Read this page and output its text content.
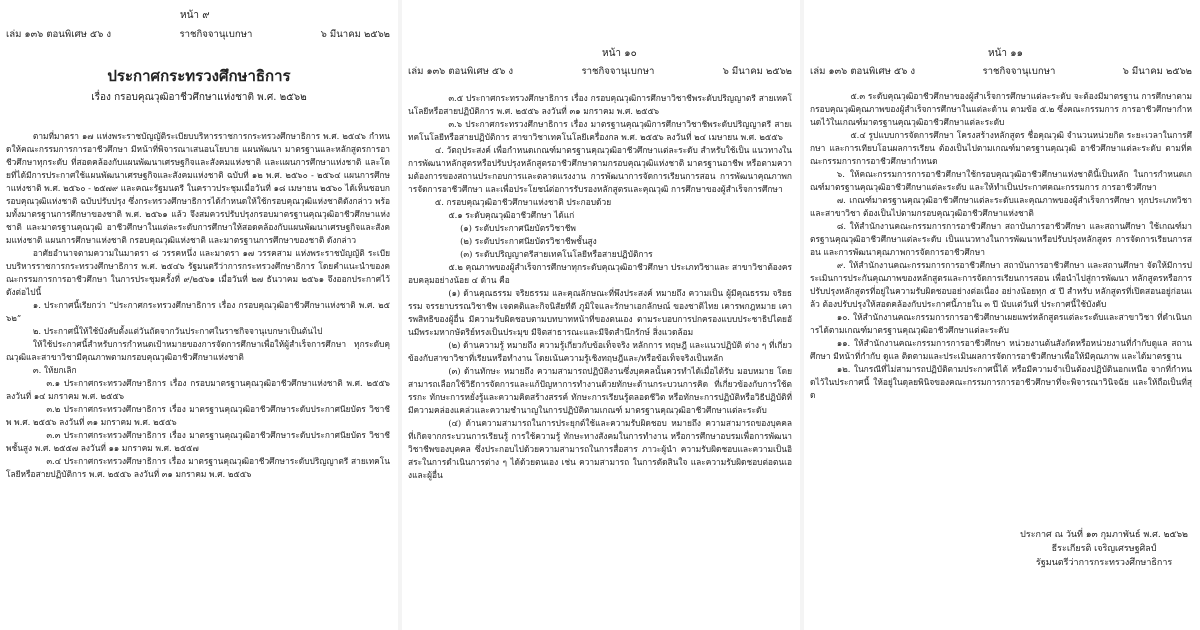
หน้า ๙
เล่ม ๑๓๖ ตอนพิเศษ ๕๖ ง	ราชกิจจานุเบกษา	๖ มีนาคม ๒๕๖๒
ประกาศกระทรวงศึกษาธิการ
เรื่อง กรอบคุณวุฒิอาชีวศึกษาแห่งชาติ พ.ศ. ๒๕๖๒

ตามที่มาตรา ๑๗ แห่งพระราชบัญญัติระเบียบบริหารราชการกระทรวงศึกษาธิการ พ.ศ. ๒๕๔๖ กำหนดให้คณะกรรมการการอาชีวศึกษา มีหน้าที่พิจารณาเสนอนโยบาย แผนพัฒนา มาตรฐานและหลักสูตรการอาชีวศึกษาทุกระดับ ที่สอดคล้องกับแผนพัฒนาเศรษฐกิจและสังคมแห่งชาติ และแผนการศึกษาแห่งชาติ และโดยที่ได้มีการประกาศใช้แผนพัฒนาเศรษฐกิจและสังคมแห่งชาติ ฉบับที่ ๑๒ พ.ศ. ๒๕๖๐ - ๒๕๖๔ แผนการศึกษาแห่งชาติ พ.ศ. ๒๕๖๐ - ๒๕๗๙ และคณะรัฐมนตรี ในคราวประชุมเมื่อวันที่ ๑๘ เมษายน ๒๕๖๐ ได้เห็นชอบกรอบคุณวุฒิแห่งชาติ ฉบับปรับปรุง ซึ่งกระทรวงศึกษาธิการได้กำหนดให้ใช้กรอบคุณวุฒิแห่งชาติดังกล่าว พร้อมทั้งมาตรฐานการศึกษาของชาติ พ.ศ. ๒๕๖๑ แล้ว จึงสมควรปรับปรุงกรอบมาตรฐานคุณวุฒิอาชีวศึกษาแห่งชาติ และมาตรฐานคุณวุฒิ อาชีวศึกษาในแต่ละระดับการศึกษาให้สอดคล้องกับแผนพัฒนาเศรษฐกิจและสังคมแห่งชาติ แผนการศึกษาแห่งชาติ กรอบคุณวุฒิแห่งชาติ และมาตรฐานการศึกษาของชาติ ดังกล่าว

อาศัยอำนาจตามความในมาตรา ๘ วรรคหนึ่ง และมาตรา ๑๗ วรรคสาม แห่งพระราชบัญญัติ ระเบียบบริหารราชการกระทรวงศึกษาธิการ พ.ศ. ๒๕๔๖ รัฐมนตรีว่าการกระทรวงศึกษาธิการ โดยคำแนะนำของคณะกรรมการการอาชีวศึกษา ในการประชุมครั้งที่ ๙/๒๕๖๑ เมื่อวันที่ ๒๗ ธันวาคม ๒๕๖๑ จึงออกประกาศไว้ ดังต่อไปนี้

๑. ประกาศนี้เรียกว่า “ประกาศกระทรวงศึกษาธิการ เรื่อง กรอบคุณวุฒิอาชีวศึกษาแห่งชาติ พ.ศ. ๒๕๖๒”

๒. ประกาศนี้ให้ใช้บังคับตั้งแต่วันถัดจากวันประกาศในราชกิจจานุเบกษาเป็นต้นไป

ให้ใช้ประกาศนี้สำหรับการกำหนดเป้าหมายของการจัดการศึกษาเพื่อให้ผู้สำเร็จการศึกษา ทุกระดับคุณวุฒิและสาขาวิชามีคุณภาพตามกรอบคุณวุฒิอาชีวศึกษาแห่งชาติ

๓. ให้ยกเลิก

๓.๑ ประกาศกระทรวงศึกษาธิการ เรื่อง กรอบมาตรฐานคุณวุฒิอาชีวศึกษาแห่งชาติ พ.ศ. ๒๕๕๖ ลงวันที่ ๑๔ มกราคม พ.ศ. ๒๕๕๖

๓.๒ ประกาศกระทรวงศึกษาธิการ เรื่อง มาตรฐานคุณวุฒิอาชีวศึกษาระดับประกาศนียบัตร วิชาชีพ พ.ศ. ๒๕๕๖ ลงวันที่ ๓๑ มกราคม พ.ศ. ๒๕๕๖

๓.๓ ประกาศกระทรวงศึกษาธิการ เรื่อง มาตรฐานคุณวุฒิอาชีวศึกษาระดับประกาศนียบัตร วิชาชีพชั้นสูง พ.ศ. ๒๕๕๗ ลงวันที่ ๑๑ มกราคม พ.ศ. ๒๕๕๗

๓.๔ ประกาศกระทรวงศึกษาธิการ เรื่อง มาตรฐานคุณวุฒิอาชีวศึกษาระดับปริญญาตรี สายเทคโนโลยีหรือสายปฏิบัติการ พ.ศ. ๒๕๕๖ ลงวันที่ ๓๑ มกราคม พ.ศ. ๒๕๕๖

หน้า ๑๐
เล่ม ๑๓๖ ตอนพิเศษ ๕๖ ง	ราชกิจจานุเบกษา	๖ มีนาคม ๒๕๖๒

๓.๕ ประกาศกระทรวงศึกษาธิการ เรื่อง กรอบคุณวุฒิการศึกษาวิชาชีพระดับปริญญาตรี สายเทคโนโลยีหรือสายปฏิบัติการ พ.ศ. ๒๕๕๖ ลงวันที่ ๓๑ มกราคม พ.ศ. ๒๕๕๖

๓.๖ ประกาศกระทรวงศึกษาธิการ เรื่อง มาตรฐานคุณวุฒิการศึกษาวิชาชีพระดับปริญญาตรี สายเทคโนโลยีหรือสายปฏิบัติการ สาขาวิชาเทคโนโลยีเครื่องกล พ.ศ. ๒๕๕๖ ลงวันที่ ๒๔ เมษายน พ.ศ. ๒๕๕๖

๔. วัตถุประสงค์ เพื่อกำหนดเกณฑ์มาตรฐานคุณวุฒิอาชีวศึกษาแต่ละระดับ สำหรับใช้เป็น แนวทางในการพัฒนาหลักสูตรหรือปรับปรุงหลักสูตรอาชีวศึกษาตามกรอบคุณวุฒิแห่งชาติ มาตรฐานอาชีพ หรือตามความต้องการของสถานประกอบการและตลาดแรงงาน การพัฒนาการจัดการเรียนการสอน การพัฒนาคุณภาพการจัดการอาชีวศึกษา และเพื่อประโยชน์ต่อการรับรองหลักสูตรและคุณวุฒิ การศึกษาของผู้สำเร็จการศึกษา

๕. กรอบคุณวุฒิอาชีวศึกษาแห่งชาติ ประกอบด้วย

๕.๑ ระดับคุณวุฒิอาชีวศึกษา ได้แก่

(๑) ระดับประกาศนียบัตรวิชาชีพ

(๒) ระดับประกาศนียบัตรวิชาชีพชั้นสูง

(๓) ระดับปริญญาตรีสายเทคโนโลยีหรือสายปฏิบัติการ

๕.๒ คุณภาพของผู้สำเร็จการศึกษาทุกระดับคุณวุฒิอาชีวศึกษา ประเภทวิชาและ สาขาวิชาต้องครอบคลุมอย่างน้อย ๔ ด้าน คือ

(๑) ด้านคุณธรรม จริยธรรม และคุณลักษณะที่พึงประสงค์ หมายถึง ความเป็น ผู้มีคุณธรรม จริยธรรม จรรยาบรรณวิชาชีพ เจตคติและกิจนิสัยที่ดี ภูมิใจและรักษาเอกลักษณ์ ของชาติไทย เคารพกฎหมาย เคารพสิทธิของผู้อื่น มีความรับผิดชอบตามบทบาทหน้าที่ของตนเอง ตามระบอบการปกครองแบบประชาธิปไตยอันมีพระมหากษัตริย์ทรงเป็นประมุข มีจิตสาธารณะและมีจิตสำนึกรักษ์ สิ่งแวดล้อม

(๒) ด้านความรู้ หมายถึง ความรู้เกี่ยวกับข้อเท็จจริง หลักการ ทฤษฎี และแนวปฏิบัติ ต่าง ๆ ที่เกี่ยวข้องกับสาขาวิชาที่เรียนหรือทำงาน โดยเน้นความรู้เชิงทฤษฎีและ/หรือข้อเท็จจริงเป็นหลัก

(๓) ด้านทักษะ หมายถึง ความสามารถปฏิบัติงานซึ่งบุคคลนั้นควรทำได้เมื่อได้รับ มอบหมาย โดยสามารถเลือกใช้วิธีการจัดการและแก้ปัญหาการทำงานด้วยทักษะด้านกระบวนการคิด ที่เกี่ยวข้องกับการใช้ตรรกะ ทักษะการหยั่งรู้และความคิดสร้างสรรค์ ทักษะการเรียนรู้ตลอดชีวิต หรือทักษะการปฏิบัติหรือวิธีปฏิบัติที่มีความคล่องแคล่วและความชำนาญในการปฏิบัติตามเกณฑ์ มาตรฐานคุณวุฒิอาชีวศึกษาแต่ละระดับ

(๔) ด้านความสามารถในการประยุกต์ใช้และความรับผิดชอบ หมายถึง ความสามารถของบุคคลที่เกิดจากกระบวนการเรียนรู้ การใช้ความรู้ ทักษะทางสังคมในการทำงาน หรือการศึกษาอบรมเพื่อการพัฒนาวิชาชีพของบุคคล ซึ่งประกอบไปด้วยความสามารถในการสื่อสาร ภาวะผู้นำ ความรับผิดชอบและความเป็นอิสระในการดำเนินการต่าง ๆ ได้ด้วยตนเอง เช่น ความสามารถ ในการตัดสินใจ และความรับผิดชอบต่อตนเองและผู้อื่น

หน้า ๑๑
เล่ม ๑๓๖ ตอนพิเศษ ๕๖ ง	ราชกิจจานุเบกษา	๖ มีนาคม ๒๕๖๒

๕.๓ ระดับคุณวุฒิอาชีวศึกษาของผู้สำเร็จการศึกษาแต่ละระดับ จะต้องมีมาตรฐาน การศึกษาตามกรอบคุณวุฒิคุณภาพของผู้สำเร็จการศึกษาในแต่ละด้าน ตามข้อ ๕.๒ ซึ่งคณะกรรมการ การอาชีวศึกษากำหนดไว้ในเกณฑ์มาตรฐานคุณวุฒิอาชีวศึกษาแต่ละระดับ

๕.๔ รูปแบบการจัดการศึกษา โครงสร้างหลักสูตร ชื่อคุณวุฒิ จำนวนหน่วยกิต ระยะเวลาในการศึกษา และการเทียบโอนผลการเรียน ต้องเป็นไปตามเกณฑ์มาตรฐานคุณวุฒิ อาชีวศึกษาแต่ละระดับ ตามที่คณะกรรมการการอาชีวศึกษากำหนด

๖. ให้คณะกรรมการการอาชีวศึกษาใช้กรอบคุณวุฒิอาชีวศึกษาแห่งชาตินี้เป็นหลัก ในการกำหนดเกณฑ์มาตรฐานคุณวุฒิอาชีวศึกษาแต่ละระดับ และให้ทำเป็นประกาศคณะกรรมการ การอาชีวศึกษา

๗. เกณฑ์มาตรฐานคุณวุฒิอาชีวศึกษาแต่ละระดับและคุณภาพของผู้สำเร็จการศึกษา ทุกประเภทวิชาและสาขาวิชา ต้องเป็นไปตามกรอบคุณวุฒิอาชีวศึกษาแห่งชาติ

๘. ให้สำนักงานคณะกรรมการการอาชีวศึกษา สถาบันการอาชีวศึกษา และสถานศึกษา ใช้เกณฑ์มาตรฐานคุณวุฒิอาชีวศึกษาแต่ละระดับ เป็นแนวทางในการพัฒนาหรือปรับปรุงหลักสูตร การจัดการเรียนการสอน และการพัฒนาคุณภาพการจัดการอาชีวศึกษา

๙. ให้สำนักงานคณะกรรมการการอาชีวศึกษา สถาบันการอาชีวศึกษา และสถานศึกษา จัดให้มีการประเมินการประกันคุณภาพของหลักสูตรและการจัดการเรียนการสอน เพื่อนำไปสู่การพัฒนา หลักสูตรหรือการปรับปรุงหลักสูตรที่อยู่ในความรับผิดชอบอย่างต่อเนื่อง อย่างน้อยทุก ๕ ปี สำหรับ หลักสูตรที่เปิดสอนอยู่ก่อนแล้ว ต้องปรับปรุงให้สอดคล้องกับประกาศนี้ภายใน ๓ ปี นับแต่วันที่ ประกาศนี้ใช้บังคับ

๑๐. ให้สำนักงานคณะกรรมการการอาชีวศึกษาเผยแพร่หลักสูตรแต่ละระดับและสาขาวิชา ที่ดำเนินการได้ตามเกณฑ์มาตรฐานคุณวุฒิอาชีวศึกษาแต่ละระดับ

๑๑. ให้สำนักงานคณะกรรมการการอาชีวศึกษา หน่วยงานต้นสังกัดหรือหน่วยงานที่กำกับดูแล สถานศึกษา มีหน้าที่กำกับ ดูแล ติดตามและประเมินผลการจัดการอาชีวศึกษาเพื่อให้มีคุณภาพ และได้มาตรฐาน

๑๒. ในกรณีที่ไม่สามารถปฏิบัติตามประกาศนี้ได้ หรือมีความจำเป็นต้องปฏิบัตินอกเหนือ จากที่กำหนดไว้ในประกาศนี้ ให้อยู่ในดุลยพินิจของคณะกรรมการการอาชีวศึกษาที่จะพิจารณาวินิจฉัย และให้ถือเป็นที่สุด

ประกาศ ณ วันที่ ๑๓ กุมภาพันธ์ พ.ศ. ๒๕๖๒
ธีระเกียรติ เจริญเศรษฐศิลป์
รัฐมนตรีว่าการกระทรวงศึกษาธิการ
